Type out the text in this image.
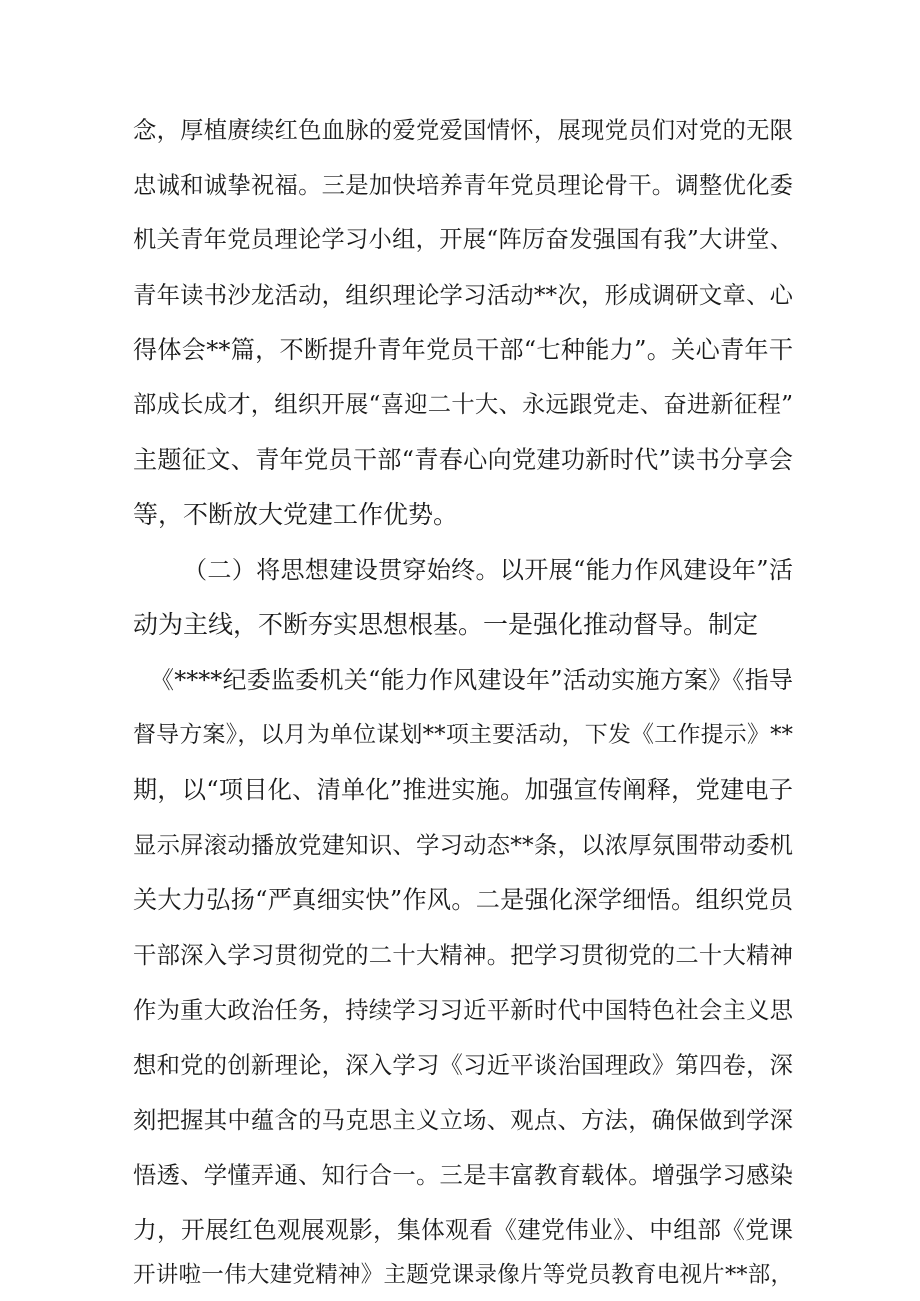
念，厚植赓续红色血脉的爱党爱国情怀，展现党员们对党的无限
忠诚和诚挚祝福。三是加快培养青年党员理论骨干。调整优化委
机关青年党员理论学习小组，开展“阵厉奋发强国有我”大讲堂、
青年读书沙龙活动，组织理论学习活动**次，形成调研文章、心
得体会**篇，不断提升青年党员干部“七种能力”。关心青年干
部成长成才，组织开展“喜迎二十大、永远跟党走、奋进新征程”
主题征文、青年党员干部“青春心向党建功新时代”读书分享会
等，不断放大党建工作优势。
（二）将思想建设贯穿始终。以开展“能力作风建设年”活
动为主线，不断夯实思想根基。一是强化推动督导。制定
《****纪委监委机关“能力作风建设年”活动实施方案》《指导
督导方案》，以月为单位谋划**项主要活动，下发《工作提示》**
期，以“项目化、清单化”推进实施。加强宣传阐释，党建电子
显示屏滚动播放党建知识、学习动态**条，以浓厚氛围带动委机
关大力弘扬“严真细实快”作风。二是强化深学细悟。组织党员
干部深入学习贯彻党的二十大精神。把学习贯彻党的二十大精神
作为重大政治任务，持续学习习近平新时代中国特色社会主义思
想和党的创新理论，深入学习《习近平谈治国理政》第四卷，深
刻把握其中蕴含的马克思主义立场、观点、方法，确保做到学深
悟透、学懂弄通、知行合一。三是丰富教育载体。增强学习感染
力，开展红色观展观影，集体观看《建党伟业》、中组部《党课
开讲啦一伟大建党精神》主题党课录像片等党员教育电视片**部，
